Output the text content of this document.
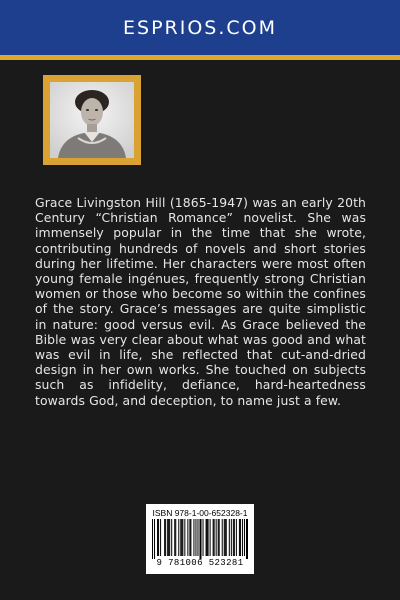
ESPRIOS.COM
Grace Livingston Hill (1865-1947) was an early 20th Century “Christian Romance” novelist. She was immensely popular in the time that she wrote, contributing hundreds of novels and short stories during her lifetime. Her characters were most often young female ingénues, frequently strong Christian women or those who become so within the confines of the story. Grace’s messages are quite simplistic in nature: good versus evil. As Grace believed the Bible was very clear about what was good and what was evil in life, she reflected that cut-and-dried design in her own works. She touched on subjects such as infidelity, defiance, hard-heartedness towards God, and deception, to name just a few.
ISBN 978-1-00-652328-1
9 781006 523281
